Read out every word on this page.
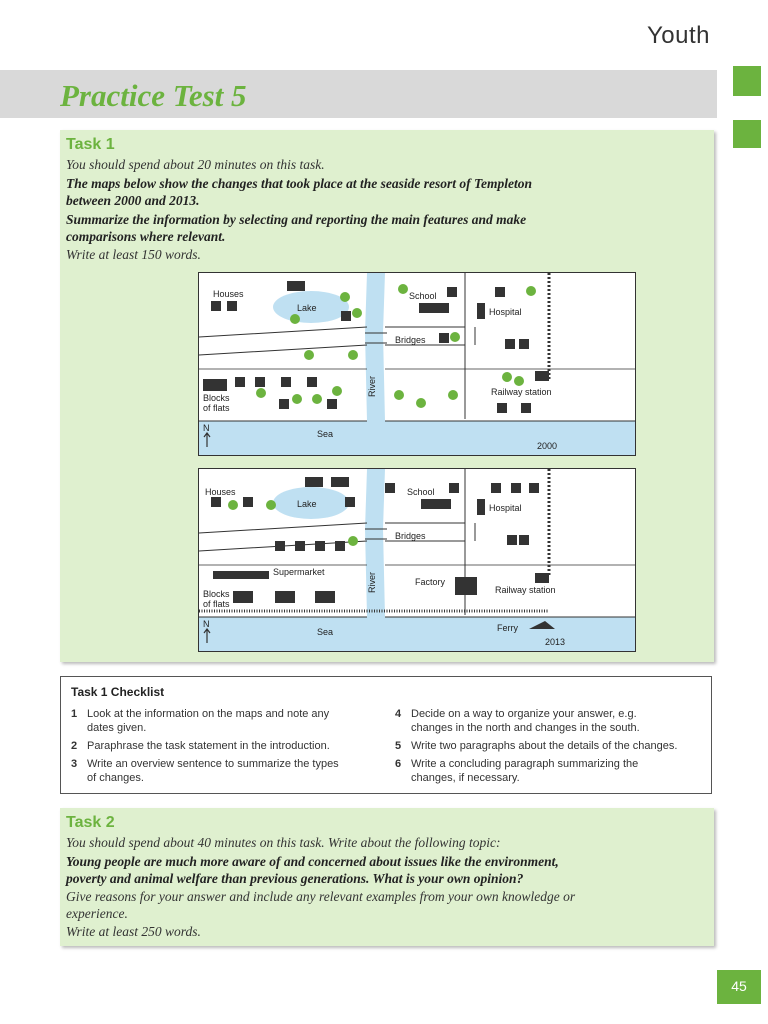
Youth
Practice Test 5
Task 1
You should spend about 20 minutes on this task.
The maps below show the changes that took place at the seaside resort of Templeton
between 2000 and 2013.
Summarize the information by selecting and reporting the main features and make
comparisons where relevant.
Write at least 150 words.
Houses
Lake
School
Hospital
Bridges
Blocks
of flats
River	Railway station
Sea
N
2000
Houses
Lake
School
Hospital
Bridges
Supermarket
Blocks
of flats
River	Factory
Railway station
Sea	Ferry
N
2013
Task 1 Checklist
1 Look at the information on the maps and note any
dates given.
2 Paraphrase the task statement in the introduction.
3 Write an overview sentence to summarize the types
of changes.
4 Decide on a way to organize your answer, e.g.
changes in the north and changes in the south.
5 Write two paragraphs about the details of the changes.
6 Write a concluding paragraph summarizing the
changes, if necessary.
Task 2
You should spend about 40 minutes on this task. Write about the following topic:
Young people are much more aware of and concerned about issues like the environment,
poverty and animal welfare than previous generations. What is your own opinion?
Give reasons for your answer and include any relevant examples from your own knowledge or
experience.
Write at least 250 words.
45
